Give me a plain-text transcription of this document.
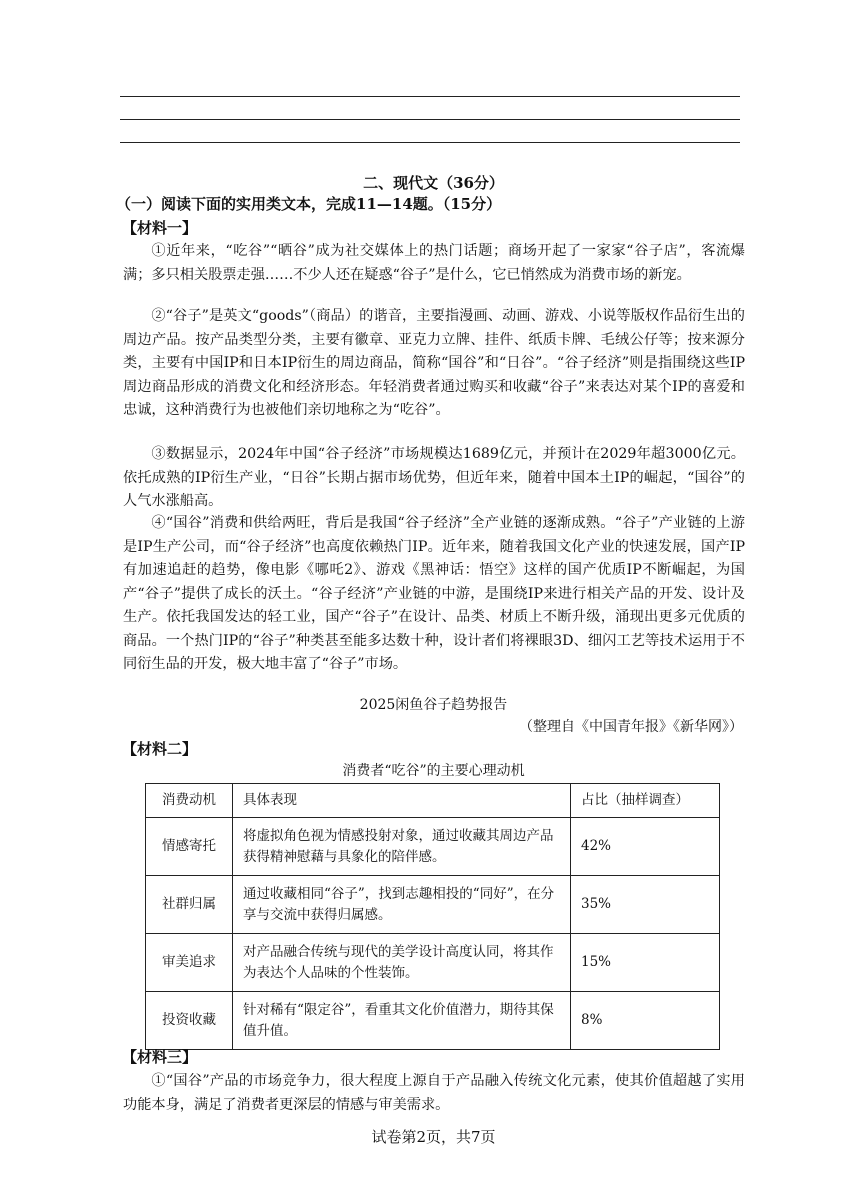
二、现代文（36分）
（一）阅读下面的实用类文本，完成11—14题。（15分）
【材料一】

①近年来，“吃谷”“晒谷”成为社交媒体上的热门话题；商场开起了一家家“谷子店”，客流爆满；多只相关股票走强……不少人还在疑惑“谷子”是什么，它已悄然成为消费市场的新宠。

②“谷子”是英文“goods”（商品）的谐音，主要指漫画、动画、游戏、小说等版权作品衍生出的周边产品。按产品类型分类，主要有徽章、亚克力立牌、挂件、纸质卡牌、毛绒公仔等；按来源分类，主要有中国IP和日本IP衍生的周边商品，简称“国谷”和“日谷”。“谷子经济”则是指围绕这些IP周边商品形成的消费文化和经济形态。年轻消费者通过购买和收藏“谷子”来表达对某个IP的喜爱和忠诚，这种消费行为也被他们亲切地称之为“吃谷”。

③数据显示，2024年中国“谷子经济”市场规模达1689亿元，并预计在2029年超3000亿元。依托成熟的IP衍生产业，“日谷”长期占据市场优势，但近年来，随着中国本土IP的崛起，“国谷”的人气水涨船高。

④“国谷”消费和供给两旺，背后是我国“谷子经济”全产业链的逐渐成熟。“谷子”产业链的上游是IP生产公司，而“谷子经济”也高度依赖热门IP。近年来，随着我国文化产业的快速发展，国产IP有加速追赶的趋势，像电影《哪吒2》、游戏《黑神话：悟空》这样的国产优质IP不断崛起，为国产“谷子”提供了成长的沃土。“谷子经济”产业链的中游，是围绕IP来进行相关产品的开发、设计及生产。依托我国发达的轻工业，国产“谷子”在设计、品类、材质上不断升级，涌现出更多元优质的商品。一个热门IP的“谷子”种类甚至能多达数十种，设计者们将裸眼3D、细闪工艺等技术运用于不同衍生品的开发，极大地丰富了“谷子”市场。

2025闲鱼谷子趋势报告
（整理自《中国青年报》《新华网》）
【材料二】
消费者“吃谷”的主要心理动机
消费动机	具体表现	占比（抽样调查）
情感寄托	将虚拟角色视为情感投射对象，通过收藏其周边产品获得精神慰藉与具象化的陪伴感。	42%
社群归属	通过收藏相同“谷子”，找到志趣相投的“同好”，在分享与交流中获得归属感。	35%
审美追求	对产品融合传统与现代的美学设计高度认同，将其作为表达个人品味的个性装饰。	15%
投资收藏	针对稀有“限定谷”，看重其文化价值潜力，期待其保值升值。	8%
【材料三】

①“国谷”产品的市场竞争力，很大程度上源自于产品融入传统文化元素，使其价值超越了实用功能本身，满足了消费者更深层的情感与审美需求。

试卷第2页，共7页
